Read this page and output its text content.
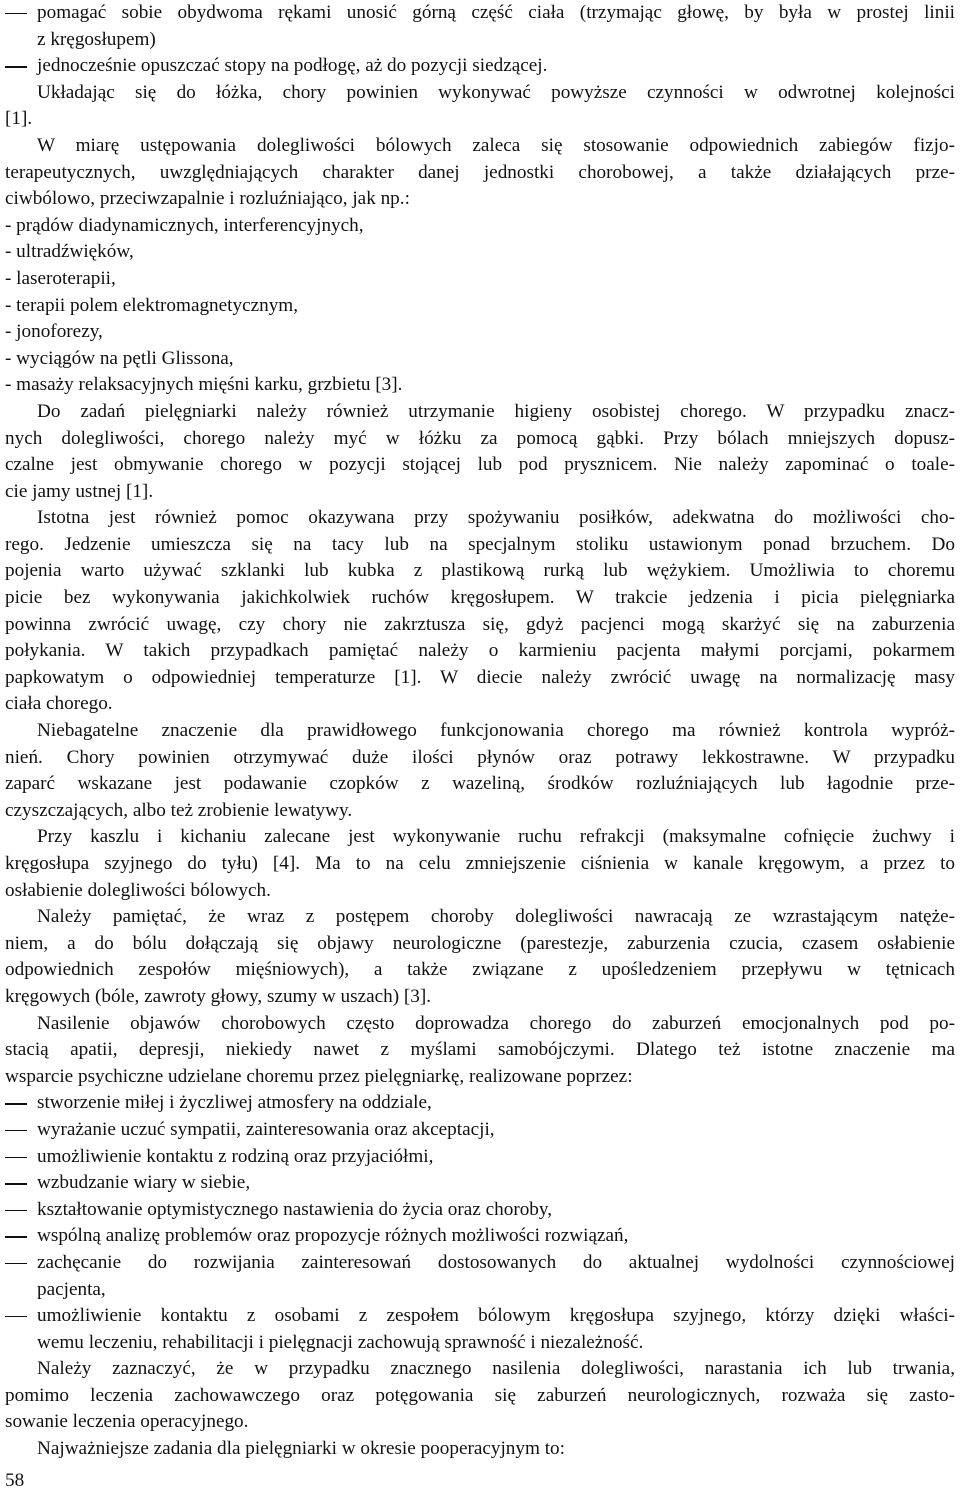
pomagać sobie obydwoma rękami unosić górną część ciała (trzymając głowę, by była w prostej linii
z kręgosłupem)
jednocześnie opuszczać stopy na podłogę, aż do pozycji siedzącej.
Układając się do łóżka, chory powinien wykonywać powyższe czynności w odwrotnej kolejności
[1].
W miarę ustępowania dolegliwości bólowych zaleca się stosowanie odpowiednich zabiegów fizjo-
terapeutycznych, uwzględniających charakter danej jednostki chorobowej, a także działających prze-
ciwbólowo, przeciwzapalnie i rozluźniająco, jak np.:
- prądów diadynamicznych, interferencyjnych,
- ultradźwięków,
- laseroterapii,
- terapii polem elektromagnetycznym,
- jonoforezy,
- wyciągów na pętli Glissona,
- masaży relaksacyjnych mięśni karku, grzbietu [3].
Do zadań pielęgniarki należy również utrzymanie higieny osobistej chorego. W przypadku znacz-
nych dolegliwości, chorego należy myć w łóżku za pomocą gąbki. Przy bólach mniejszych dopusz-
czalne jest obmywanie chorego w pozycji stojącej lub pod prysznicem. Nie należy zapominać o toale-
cie jamy ustnej [1].
Istotna jest również pomoc okazywana przy spożywaniu posiłków, adekwatna do możliwości cho-
rego. Jedzenie umieszcza się na tacy lub na specjalnym stoliku ustawionym ponad brzuchem. Do
pojenia warto używać szklanki lub kubka z plastikową rurką lub wężykiem. Umożliwia to choremu
picie bez wykonywania jakichkolwiek ruchów kręgosłupem. W trakcie jedzenia i picia pielęgniarka
powinna zwrócić uwagę, czy chory nie zakrztusza się, gdyż pacjenci mogą skarżyć się na zaburzenia
połykania. W takich przypadkach pamiętać należy o karmieniu pacjenta małymi porcjami, pokarmem
papkowatym o odpowiedniej temperaturze [1]. W diecie należy zwrócić uwagę na normalizację masy
ciała chorego.
Niebagatelne znaczenie dla prawidłowego funkcjonowania chorego ma również kontrola wypróż-
nień. Chory powinien otrzymywać duże ilości płynów oraz potrawy lekkostrawne. W przypadku
zaparć wskazane jest podawanie czopków z wazeliną, środków rozluźniających lub łagodnie prze-
czyszczających, albo też zrobienie lewatywy.
Przy kaszlu i kichaniu zalecane jest wykonywanie ruchu refrakcji (maksymalne cofnięcie żuchwy i
kręgosłupa szyjnego do tyłu) [4]. Ma to na celu zmniejszenie ciśnienia w kanale kręgowym, a przez to
osłabienie dolegliwości bólowych.
Należy pamiętać, że wraz z postępem choroby dolegliwości nawracają ze wzrastającym natęże-
niem, a do bólu dołączają się objawy neurologiczne (parestezje, zaburzenia czucia, czasem osłabienie
odpowiednich zespołów mięśniowych), a także związane z upośledzeniem przepływu w tętnicach
kręgowych (bóle, zawroty głowy, szumy w uszach) [3].
Nasilenie objawów chorobowych często doprowadza chorego do zaburzeń emocjonalnych pod po-
stacią apatii, depresji, niekiedy nawet z myślami samobójczymi. Dlatego też istotne znaczenie ma
wsparcie psychiczne udzielane choremu przez pielęgniarkę, realizowane poprzez:
stworzenie miłej i życzliwej atmosfery na oddziale,
wyrażanie uczuć sympatii, zainteresowania oraz akceptacji,
umożliwienie kontaktu z rodziną oraz przyjaciółmi,
wzbudzanie wiary w siebie,
kształtowanie optymistycznego nastawienia do życia oraz choroby,
wspólną analizę problemów oraz propozycje różnych możliwości rozwiązań,
zachęcanie do rozwijania zainteresowań dostosowanych do aktualnej wydolności czynnościowej
pacjenta,
umożliwienie kontaktu z osobami z zespołem bólowym kręgosłupa szyjnego, którzy dzięki właści-
wemu leczeniu, rehabilitacji i pielęgnacji zachowują sprawność i niezależność.
Należy zaznaczyć, że w przypadku znacznego nasilenia dolegliwości, narastania ich lub trwania,
pomimo leczenia zachowawczego oraz potęgowania się zaburzeń neurologicznych, rozważa się zasto-
sowanie leczenia operacyjnego.
Najważniejsze zadania dla pielęgniarki w okresie pooperacyjnym to:
58
